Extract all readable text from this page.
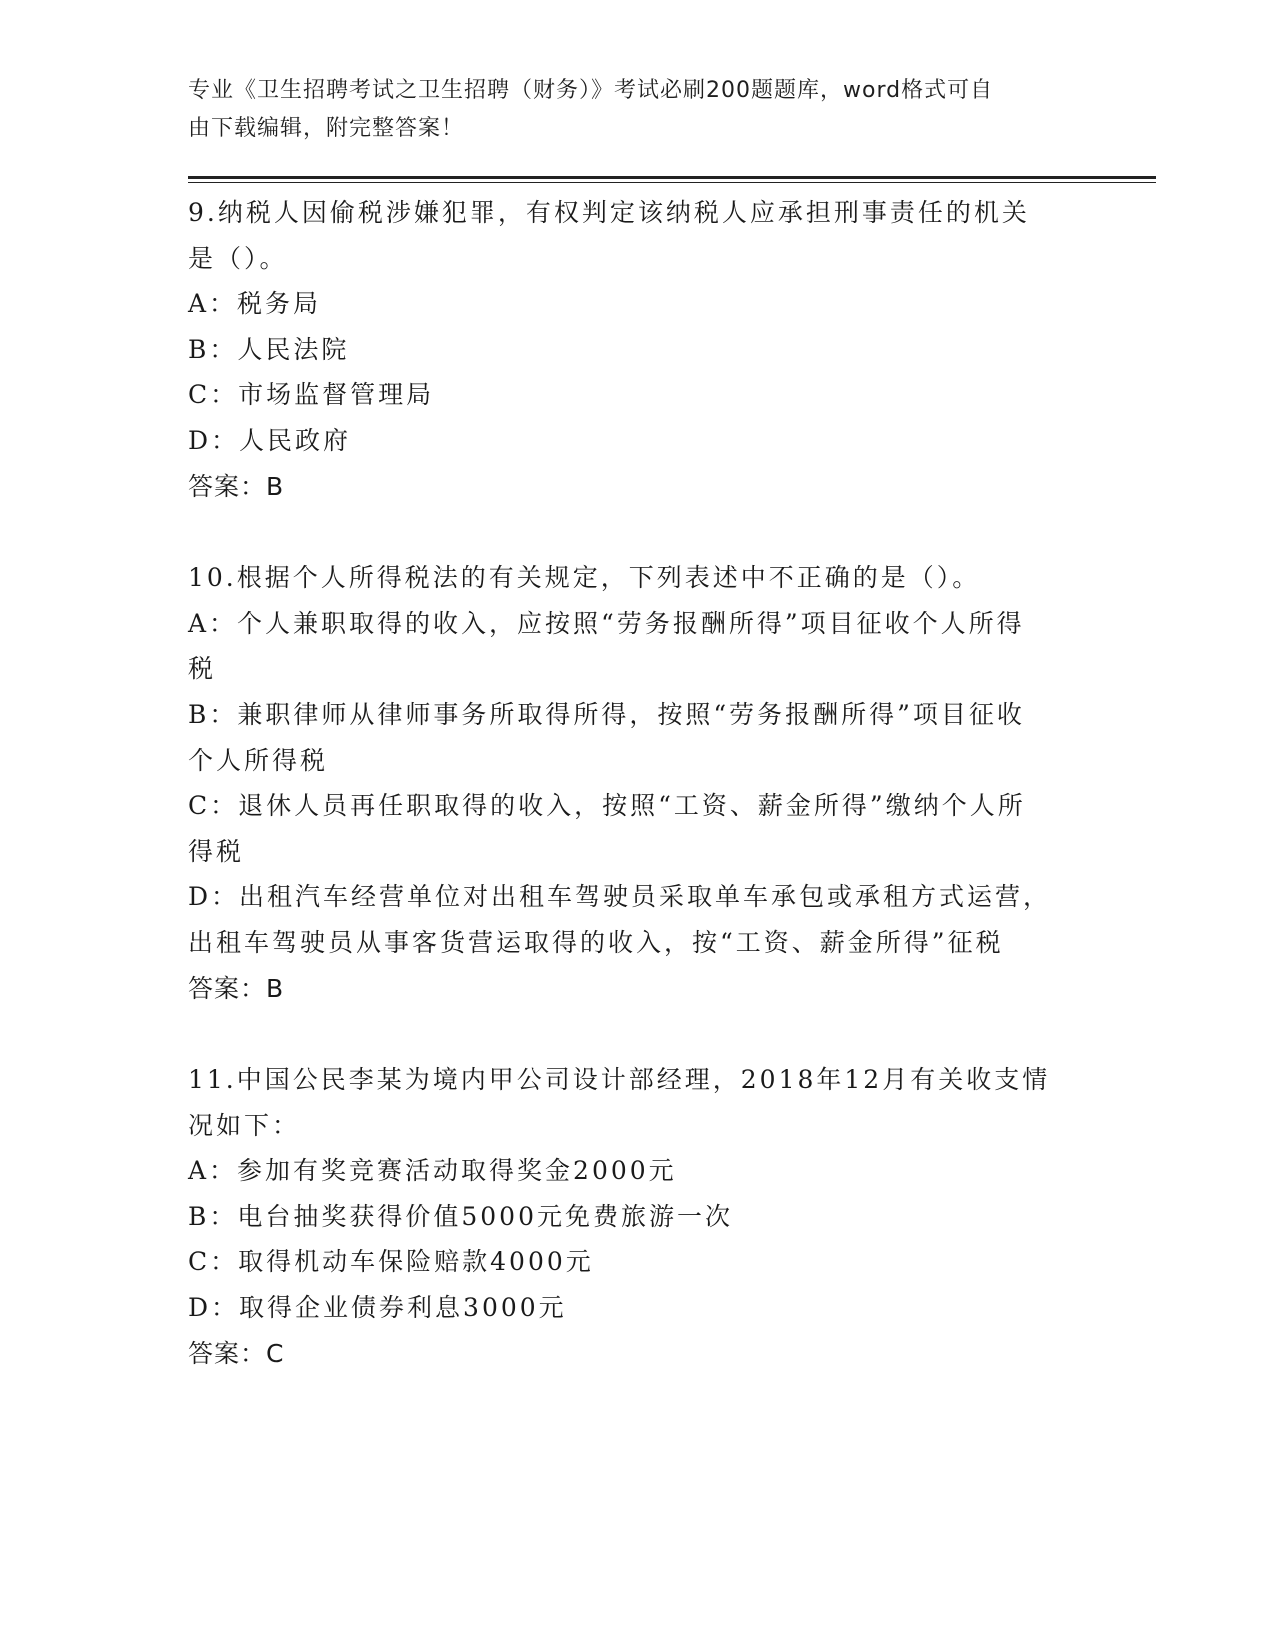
专业《卫生招聘考试之卫生招聘（财务）》考试必刷200题题库，word格式可自
由下载编辑，附完整答案！
9.纳税人因偷税涉嫌犯罪，有权判定该纳税人应承担刑事责任的机关
是（）。
A：税务局
B：人民法院
C：市场监督管理局
D：人民政府
答案：B
10.根据个人所得税法的有关规定，下列表述中不正确的是（）。
A：个人兼职取得的收入，应按照“劳务报酬所得”项目征收个人所得
税
B：兼职律师从律师事务所取得所得，按照“劳务报酬所得”项目征收
个人所得税
C：退休人员再任职取得的收入，按照“工资、薪金所得”缴纳个人所
得税
D：出租汽车经营单位对出租车驾驶员采取单车承包或承租方式运营，
出租车驾驶员从事客货营运取得的收入，按“工资、薪金所得”征税
答案：B
11.中国公民李某为境内甲公司设计部经理，2018年12月有关收支情
况如下：
A：参加有奖竞赛活动取得奖金2000元
B：电台抽奖获得价值5000元免费旅游一次
C：取得机动车保险赔款4000元
D：取得企业债券利息3000元
答案：C
